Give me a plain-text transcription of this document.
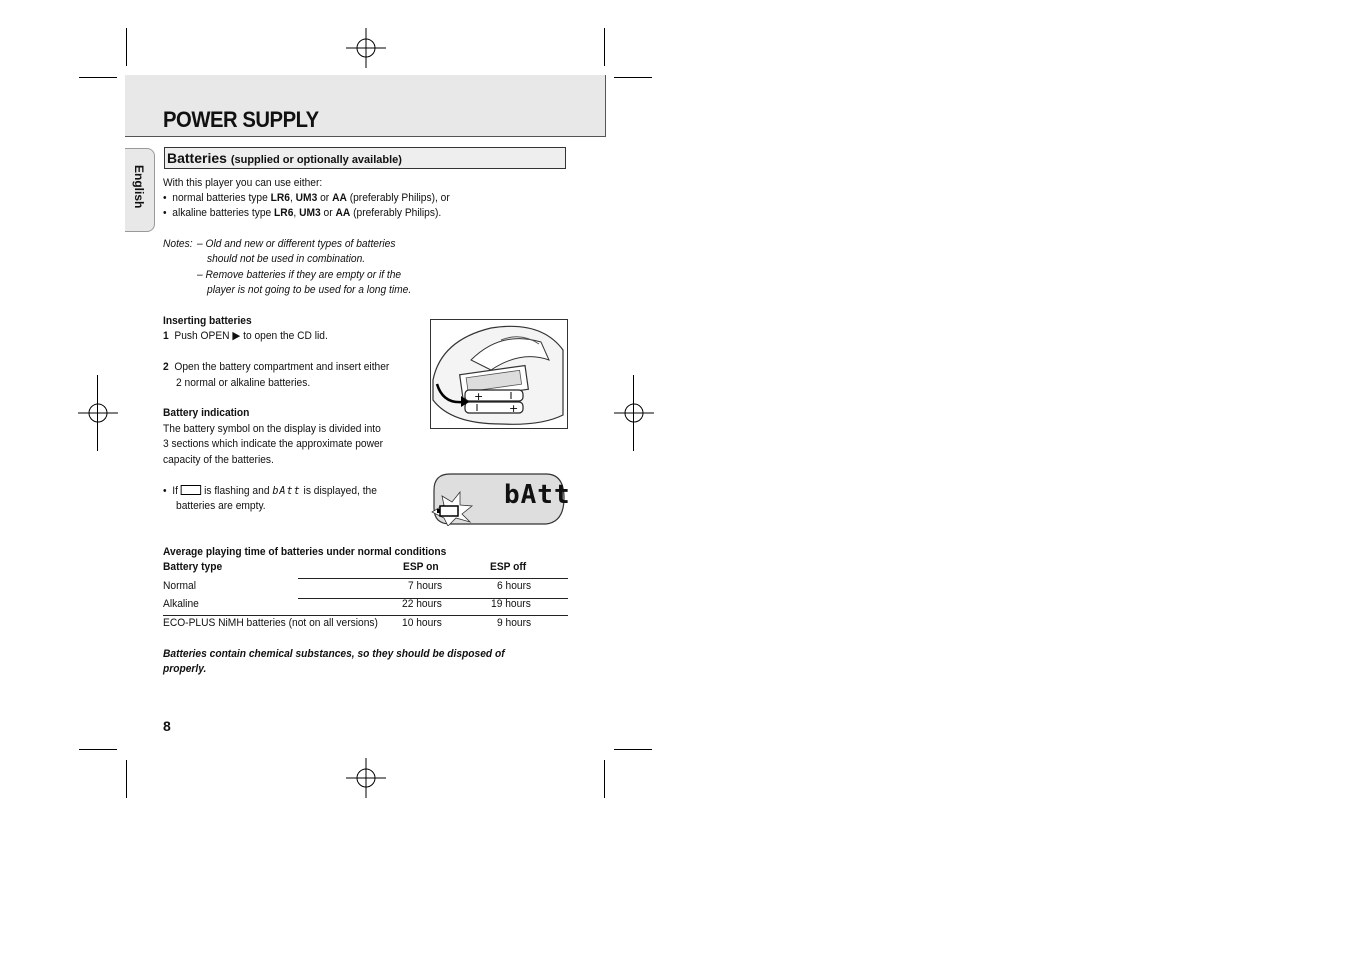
POWER SUPPLY
English
Batteries (supplied or optionally available)
With this player you can use either:
•  normal batteries type LR6, UM3 or AA (preferably Philips), or
•  alkaline batteries type LR6, UM3 or AA (preferably Philips).
Notes: – Old and new or different types of batteries
should not be used in combination.
– Remove batteries if they are empty or if the
player is not going to be used for a long time.
Inserting batteries
1 Push OPEN ▶ to open the CD lid.
2 Open the battery compartment and insert either
2 normal or alkaline batteries.
+
+
Battery indication
The battery symbol on the display is divided into
3 sections which indicate the approximate power
capacity of the batteries.
•  If  is flashing and bAtt is displayed, the
batteries are empty.	bAtt
Average playing time of batteries under normal conditions
Battery type	ESP on	ESP off
Normal	7 hours	6 hours
Alkaline	22 hours	19 hours
ECO-PLUS NiMH batteries (not on all versions) 10 hours	9 hours
Batteries contain chemical substances, so they should be disposed of
properly.
8
